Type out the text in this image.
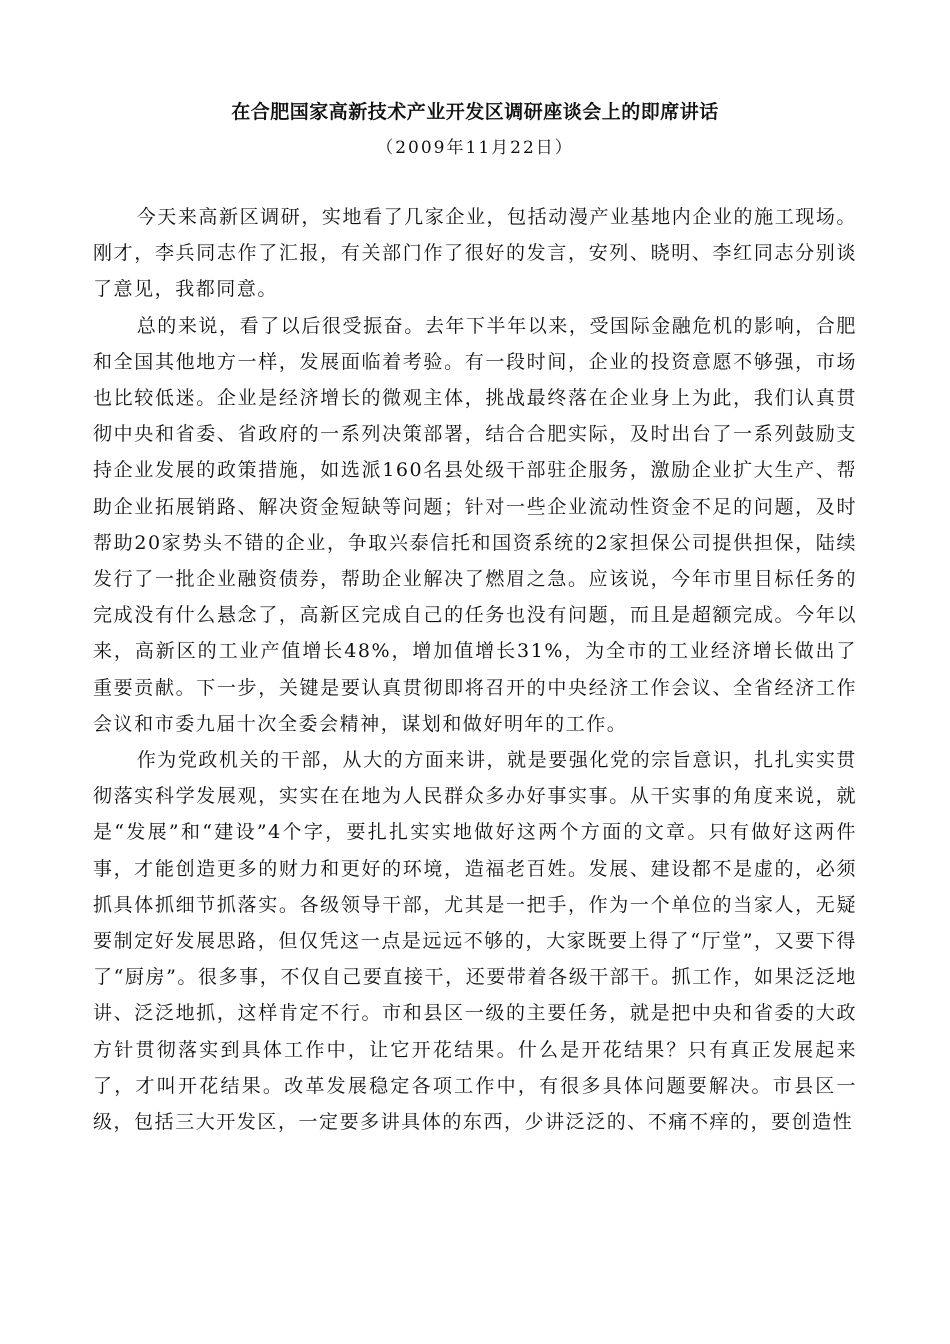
在合肥国家高新技术产业开发区调研座谈会上的即席讲话
（2009年11月22日）

今天来高新区调研，实地看了几家企业，包括动漫产业基地内企业的施工现场。刚才，李兵同志作了汇报，有关部门作了很好的发言，安列、晓明、李红同志分别谈了意见，我都同意。

总的来说，看了以后很受振奋。去年下半年以来，受国际金融危机的影响，合肥和全国其他地方一样，发展面临着考验。有一段时间，企业的投资意愿不够强，市场也比较低迷。企业是经济增长的微观主体，挑战最终落在企业身上为此，我们认真贯彻中央和省委、省政府的一系列决策部署，结合合肥实际，及时出台了一系列鼓励支持企业发展的政策措施，如选派160名县处级干部驻企服务，激励企业扩大生产、帮助企业拓展销路、解决资金短缺等问题；针对一些企业流动性资金不足的问题，及时帮助20家势头不错的企业，争取兴泰信托和国资系统的2家担保公司提供担保，陆续发行了一批企业融资债券，帮助企业解决了燃眉之急。应该说，今年市里目标任务的完成没有什么悬念了，高新区完成自己的任务也没有问题，而且是超额完成。今年以来，高新区的工业产值增长48%，增加值增长31%，为全市的工业经济增长做出了重要贡献。下一步，关键是要认真贯彻即将召开的中央经济工作会议、全省经济工作会议和市委九届十次全委会精神，谋划和做好明年的工作。

作为党政机关的干部，从大的方面来讲，就是要强化党的宗旨意识，扎扎实实贯彻落实科学发展观，实实在在地为人民群众多办好事实事。从干实事的角度来说，就是“发展”和“建设”4个字，要扎扎实实地做好这两个方面的文章。只有做好这两件事，才能创造更多的财力和更好的环境，造福老百姓。发展、建设都不是虚的，必须抓具体抓细节抓落实。各级领导干部，尤其是一把手，作为一个单位的当家人，无疑要制定好发展思路，但仅凭这一点是远远不够的，大家既要上得了“厅堂”，又要下得了“厨房”。很多事，不仅自己要直接干，还要带着各级干部干。抓工作，如果泛泛地讲、泛泛地抓，这样肯定不行。市和县区一级的主要任务，就是把中央和省委的大政方针贯彻落实到具体工作中，让它开花结果。什么是开花结果？只有真正发展起来了，才叫开花结果。改革发展稳定各项工作中，有很多具体问题要解决。市县区一级，包括三大开发区，一定要多讲具体的东西，少讲泛泛的、不痛不痒的，要创造性
